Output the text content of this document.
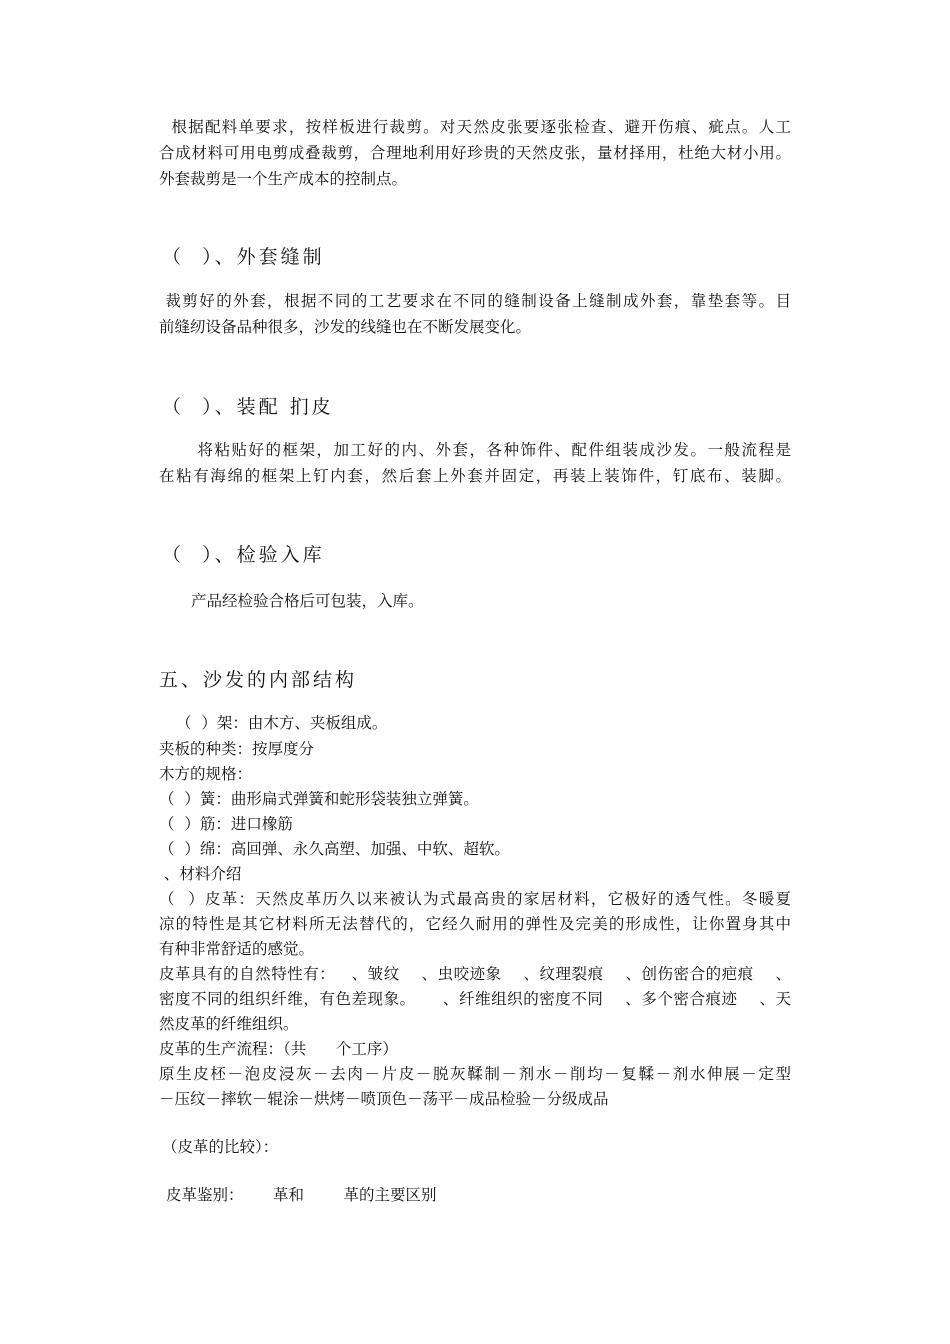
根据配料单要求，按样板进行裁剪。对天然皮张要逐张检查、避开伤痕、疵点。人工
合成材料可用电剪成叠裁剪，合理地利用好珍贵的天然皮张，量材择用，杜绝大材小用。
外套裁剪是一个生产成本的控制点。
（  ）、外套缝制
裁剪好的外套，根据不同的工艺要求在不同的缝制设备上缝制成外套，靠垫套等。目
前缝纫设备品种很多，沙发的线缝也在不断发展变化。
（  ）、装配 扪皮
将粘贴好的框架，加工好的内、外套，各种饰件、配件组装成沙发。一般流程是
在粘有海绵的框架上钉内套，然后套上外套并固定，再装上装饰件，钉底布、装脚。
（  ）、检验入库
产品经检验合格后可包装，入库。
五、沙发的内部结构
（  ）架：由木方、夹板组成。
夹板的种类：按厚度分
木方的规格：
（  ）簧：曲形扁式弹簧和蛇形袋装独立弹簧。
（  ）筋：进口橡筋
（  ）绵：高回弹、永久高塑、加强、中软、超软。
、材料介绍
（  ）皮革：天然皮革历久以来被认为式最高贵的家居材料，它极好的透气性。冬暖夏
凉的特性是其它材料所无法替代的，它经久耐用的弹性及完美的形成性，让你置身其中
有种非常舒适的感觉。
皮革具有的自然特性有：   、皱纹    、虫咬迹象    、纹理裂痕    、创伤密合的疤痕    、
密度不同的组织纤维，有色差现象。     、纤维组织的密度不同    、多个密合痕迹    、天
然皮革的纤维组织。
皮革的生产流程：（共      个工序）
原生皮柸－泡皮浸灰－去肉－片皮－脱灰鞣制－剂水－削均－复鞣－剂水伸展－定型
－压纹－摔软－辊涂－烘烤－喷顶色－荡平－成品检验－分级成品
（皮革的比较）：
皮革鉴别：      革和        革的主要区别
